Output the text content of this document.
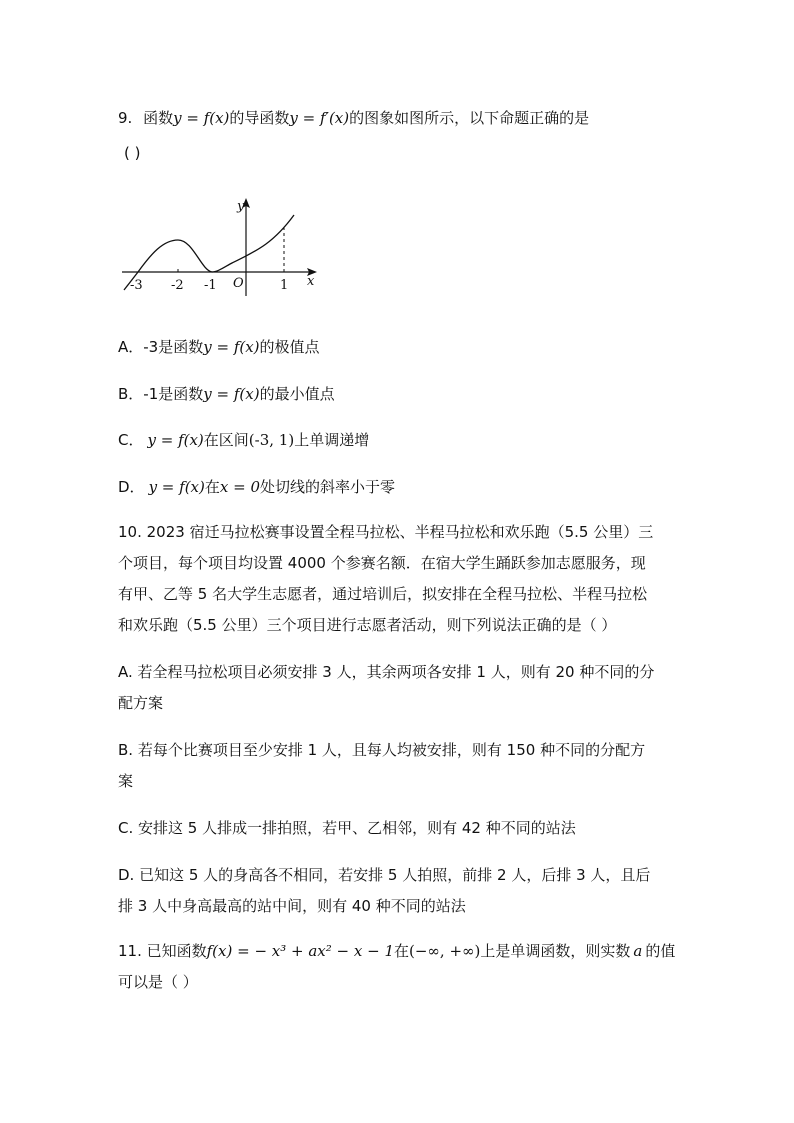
9. 函数y = f(x)的导函数y = f′(x)的图象如图所示，以下命题正确的是
( )
y
x
O
-3 -2 -1	1
A．-3是函数y = f(x)的极值点
B．-1是函数y = f(x)的最小值点
C． y = f(x)在区间(-3, 1)上单调递增
D． y = f(x)在x = 0处切线的斜率小于零
10. 2023 宿迁马拉松赛事设置全程马拉松、半程马拉松和欢乐跑（5.5 公里）三
个项目，每个项目均设置 4000 个参赛名额．在宿大学生踊跃参加志愿服务，现
有甲、乙等 5 名大学生志愿者，通过培训后，拟安排在全程马拉松、半程马拉松
和欢乐跑（5.5 公里）三个项目进行志愿者活动，则下列说法正确的是（ ）
A. 若全程马拉松项目必须安排 3 人，其余两项各安排 1 人，则有 20 种不同的分
配方案
B. 若每个比赛项目至少安排 1 人，且每人均被安排，则有 150 种不同的分配方
案
C. 安排这 5 人排成一排拍照，若甲、乙相邻，则有 42 种不同的站法
D. 已知这 5 人的身高各不相同，若安排 5 人拍照，前排 2 人，后排 3 人，且后
排 3 人中身高最高的站中间，则有 40 种不同的站法
11. 已知函数f(x) = − x³ + ax² − x − 1在(−∞, +∞)上是单调函数，则实数 a 的值
可以是（ ）
